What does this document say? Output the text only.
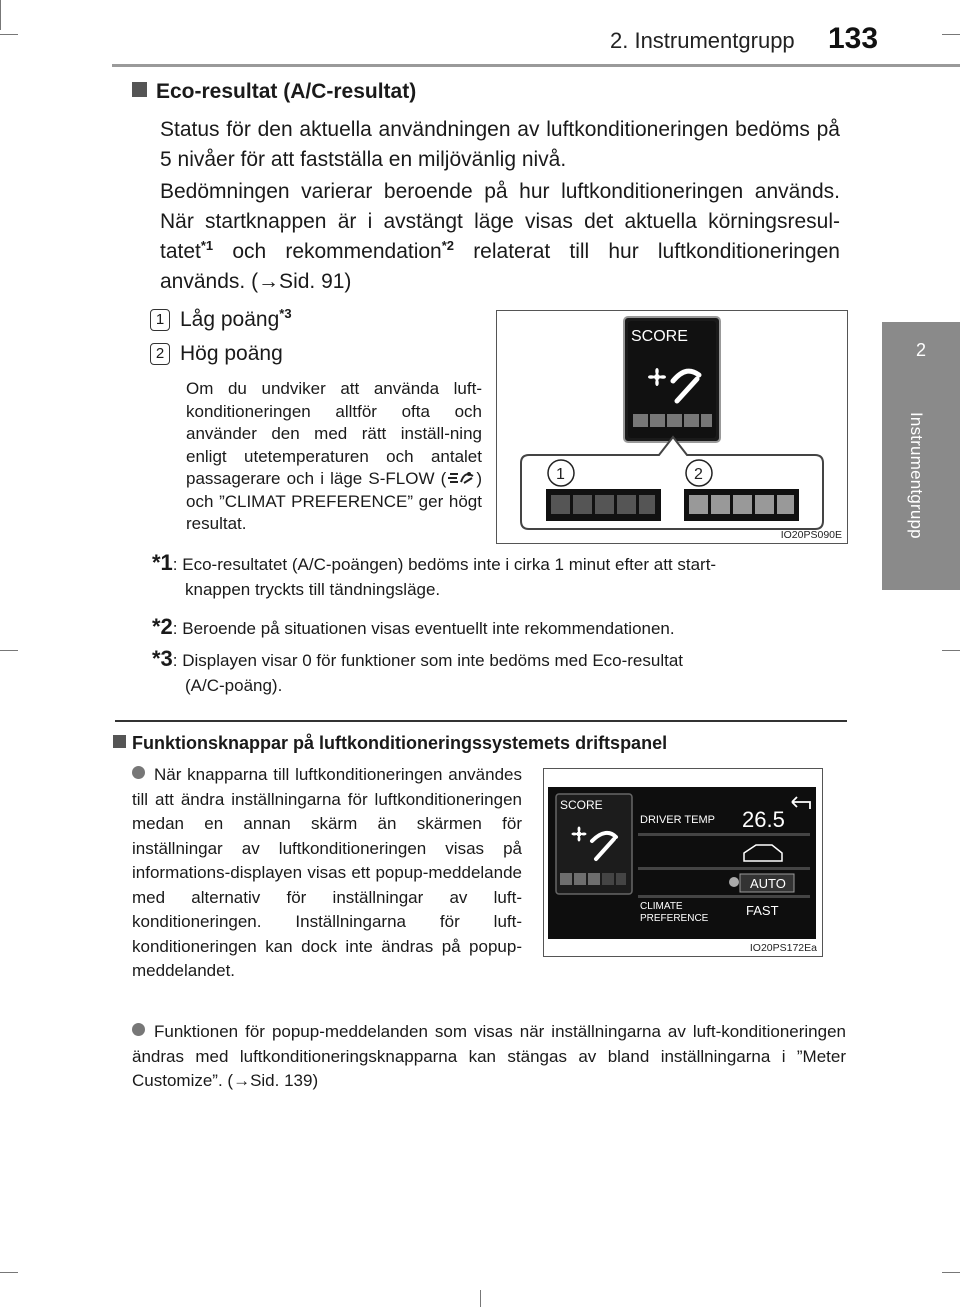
2. Instrumentgrupp 133
2
Instrumentgrupp
Eco-resultat (A/C-resultat)
Status för den aktuella användningen av luftkonditioneringen bedöms på 5 nivåer för att fastställa en miljövänlig nivå.
Bedömningen varierar beroende på hur luftkonditioneringen används. När startknappen är i avstängt läge visas det aktuella körningsresul-tatet$^{*1}$ och rekommendation$^{*2}$ relaterat till hur luftkonditioneringen används. (→Sid. 91)
1 Låg poäng$^{*3}$
2 Hög poäng
Om du undviker att använda luft-konditioneringen alltför ofta och använder den med rätt inställ-ning enligt utetemperaturen och antalet passagerare och i läge S-FLOW ( ) och ”CLIMAT PREFERENCE” ger högt resultat.
SCORE
1	2
IO20PS090E
*1: Eco-resultatet (A/C-poängen) bedöms inte i cirka 1 minut efter att start-
knappen tryckts till tändningsläge.
*2: Beroende på situationen visas eventuellt inte rekommendationen.
*3: Displayen visar 0 för funktioner som inte bedöms med Eco-resultat
(A/C-poäng).
Funktionsknappar på luftkonditioneringssystemets driftspanel
När knapparna till luftkonditioneringen användes till att ändra inställningarna för luftkonditioneringen medan en annan skärm än skärmen för inställningar av luftkonditioneringen visas på informations-displayen visas ett popup-meddelande med alternativ för inställningar av luft-konditioneringen. Inställningarna för luft-konditioneringen kan dock inte ändras på popup-meddelandet.
SCORE
DRIVER TEMP 26.5
AUTO
CLIMATE
PREFERENCE
FAST
IO20PS172Ea
Funktionen för popup-meddelanden som visas när inställningarna av luft-konditioneringen ändras med luftkonditioneringsknapparna kan stängas av bland inställningarna i ”Meter Customize”. (→Sid. 139)
